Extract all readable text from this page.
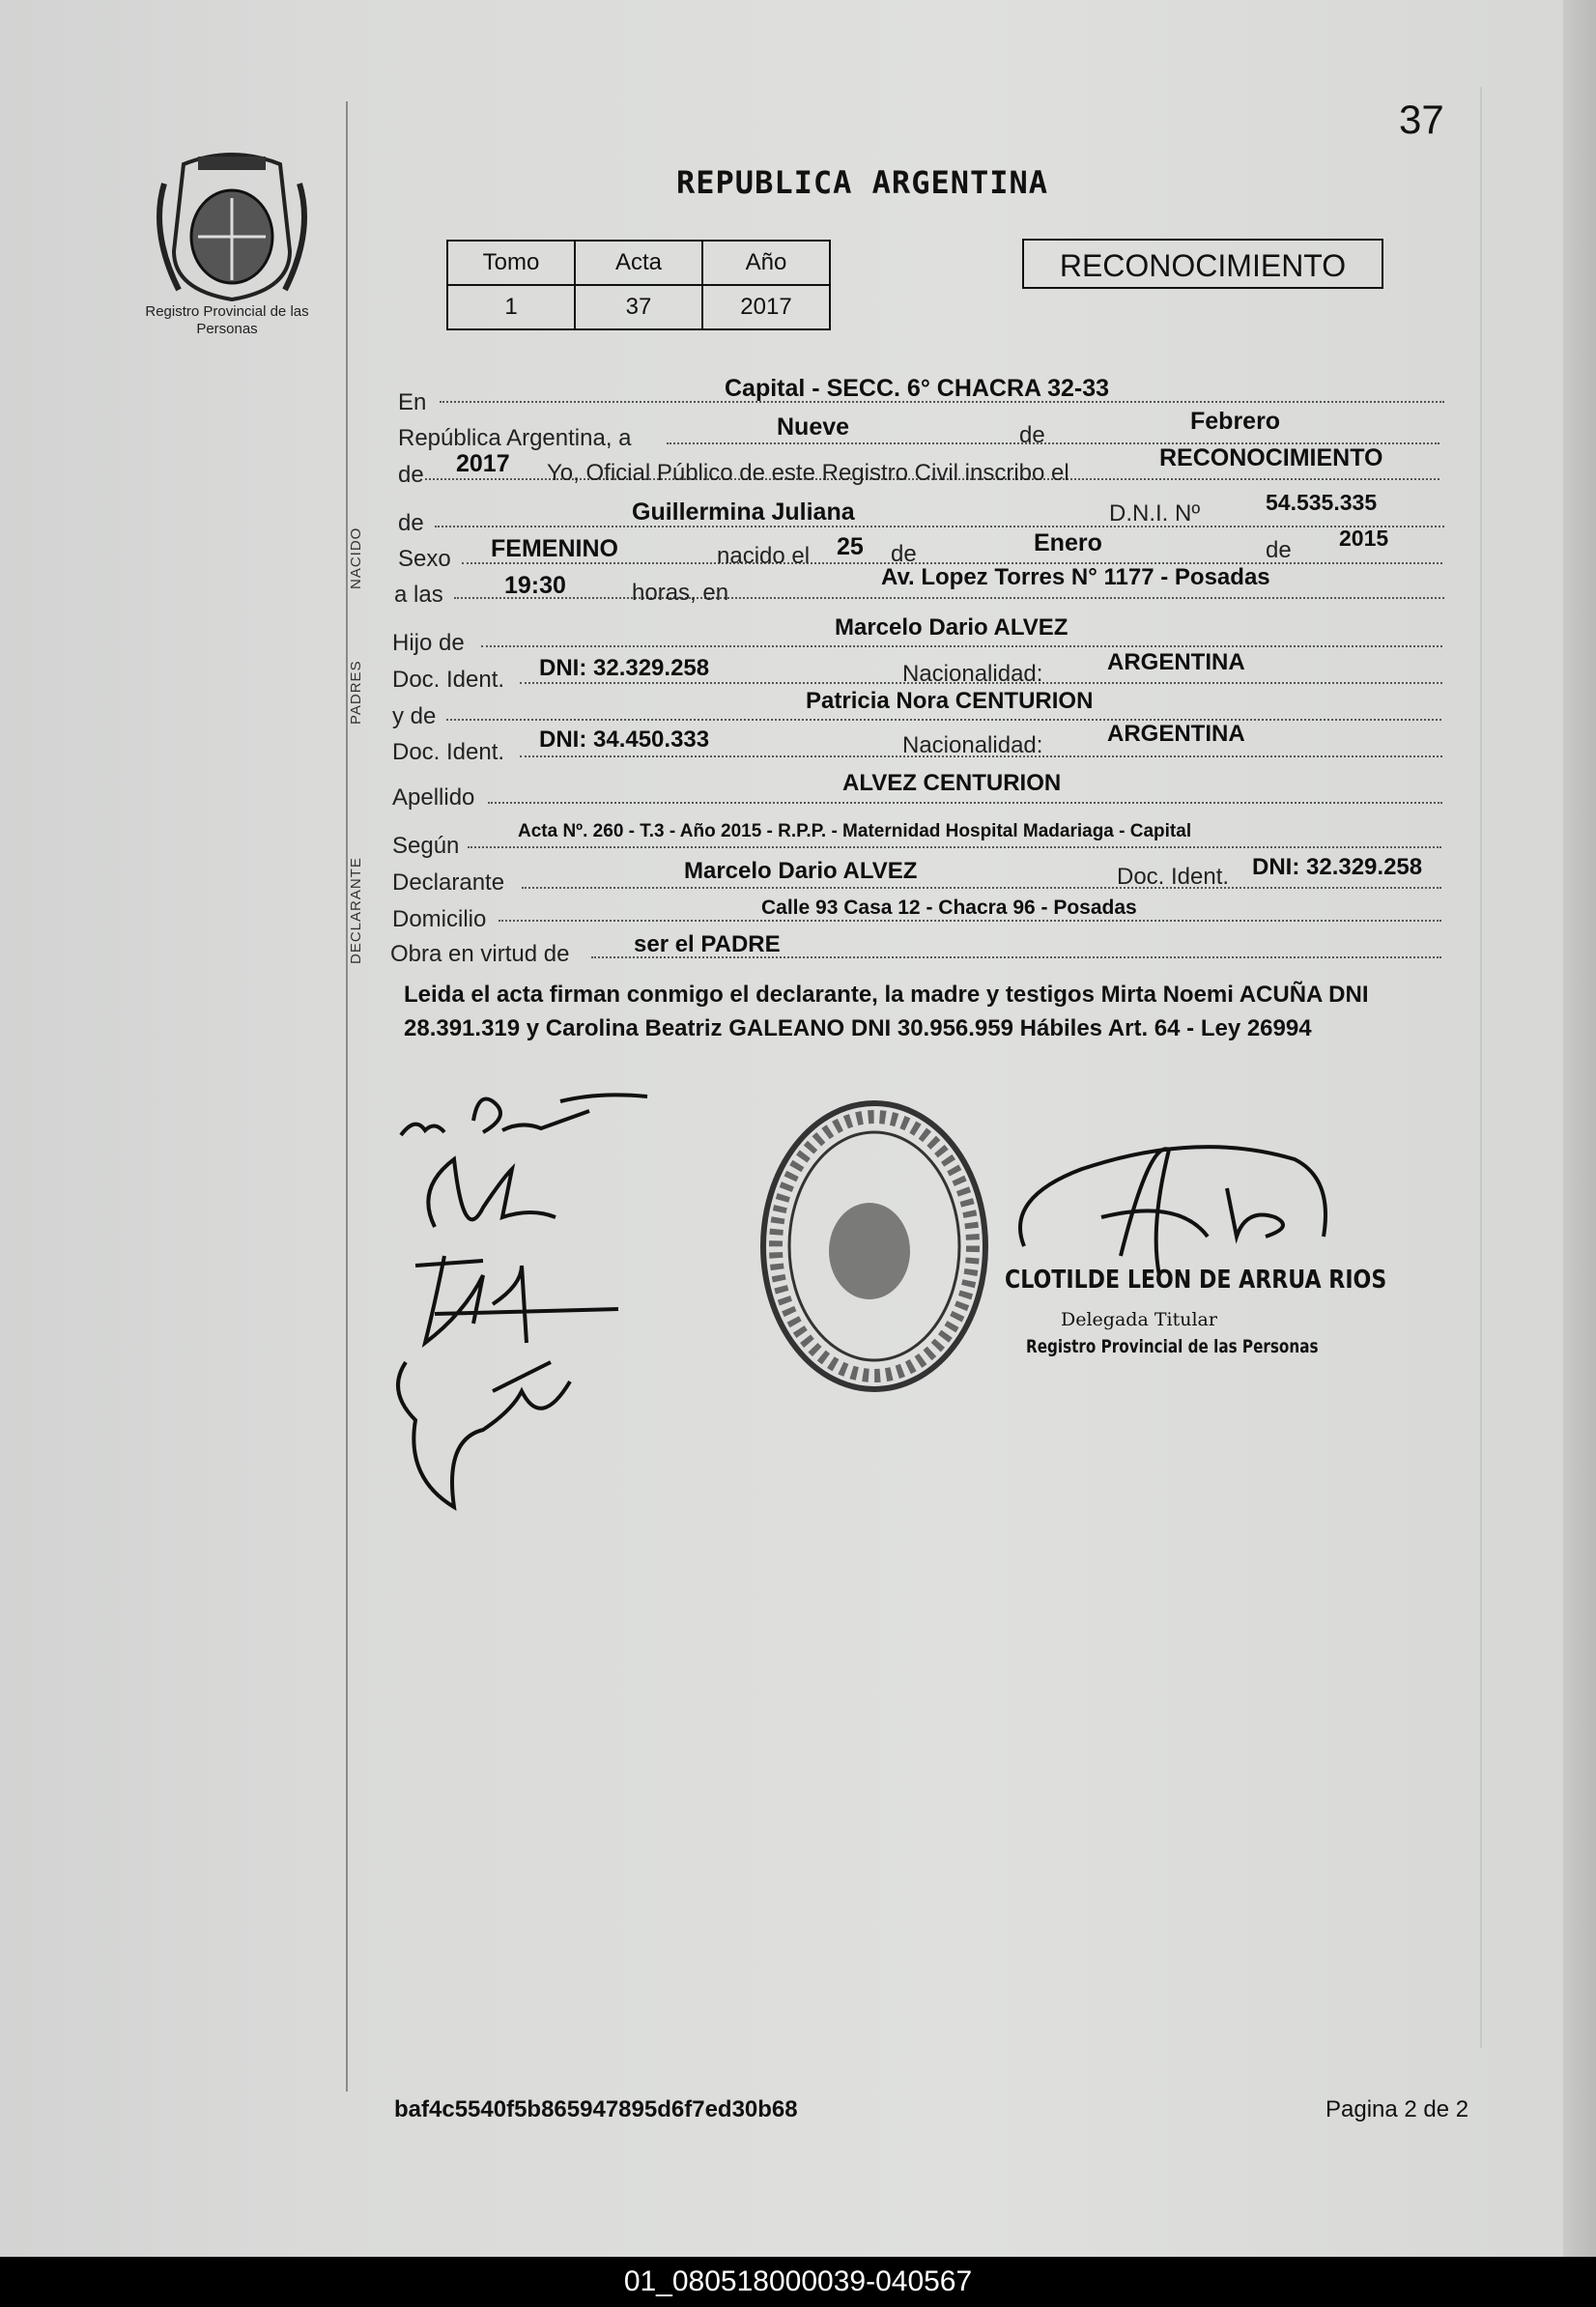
37
Registro Provincial de las Personas
REPUBLICA ARGENTINA
Tomo	Acta	Año
1	37	2017
RECONOCIMIENTO
NACIDO
PADRES
DECLARANTE
En
Capital - SECC. 6° CHACRA 32-33
República Argentina, a	Nueve	de
Febrero
de 2017 Yo, Oficial Público de este Registro Civil inscribo el
RECONOCIMIENTO
de	Guillermina Juliana	D.N.I. Nº	54.535.335
Sexo FEMENINO	nacido el 25 de	Enero	de 2015
a las	19:30	horas, en
Av. Lopez Torres N° 1177 - Posadas
Hijo de
Marcelo Dario ALVEZ
Doc. Ident. DNI: 32.329.258	Nacionalidad:	ARGENTINA
y de
Patricia Nora CENTURION
Doc. Ident. DNI: 34.450.333	Nacionalidad:	ARGENTINA
Apellido
ALVEZ CENTURION
Según
Acta Nº. 260 - T.3 - Año 2015 - R.P.P. - Maternidad Hospital Madariaga - Capital
Declarante	Marcelo Dario ALVEZ	Doc. Ident. DNI: 32.329.258
Domicilio	Calle 93 Casa 12 - Chacra 96 - Posadas
Obra en virtud de	ser el PADRE
Leida el acta firman conmigo el declarante, la madre y testigos Mirta Noemi ACUÑA DNI 28.391.319 y Carolina Beatriz GALEANO DNI 30.956.959 Hábiles Art. 64 - Ley 26994
CLOTILDE LEON DE ARRUA RIOS
Delegada Titular
Registro Provincial de las Personas
baf4c5540f5b865947895d6f7ed30b68	Pagina 2 de 2
01_080518000039-040567
